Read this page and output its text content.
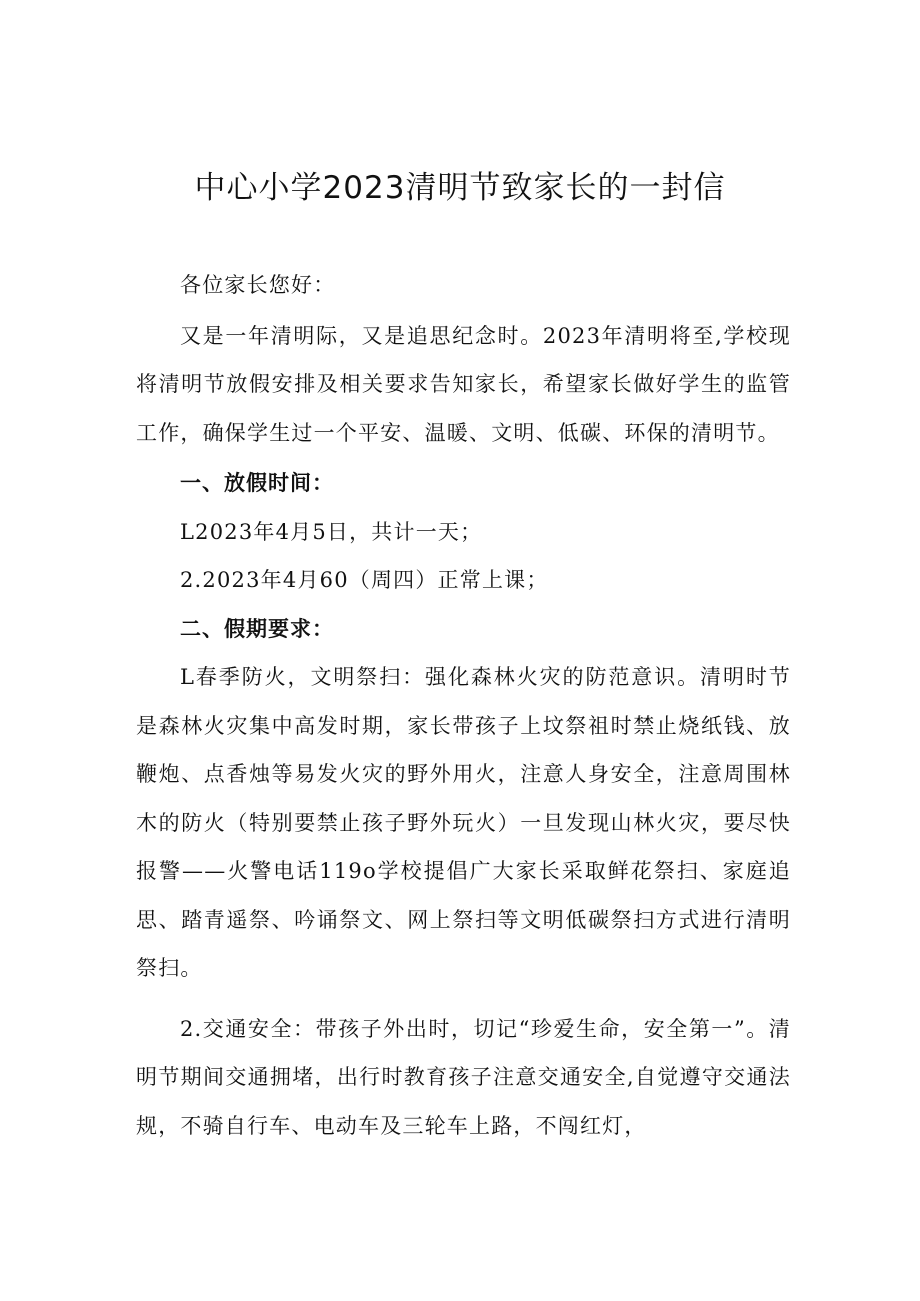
中心小学2023清明节致家长的一封信

各位家长您好：

又是一年清明际，又是追思纪念时。2023年清明将至,学校现将清明节放假安排及相关要求告知家长，希望家长做好学生的监管工作，确保学生过一个平安、温暖、文明、低碳、环保的清明节。

一、放假时间：

L2023年4月5日，共计一天；

2.2023年4月60（周四）正常上课；

二、假期要求：

L春季防火，文明祭扫：强化森林火灾的防范意识。清明时节是森林火灾集中高发时期，家长带孩子上坟祭祖时禁止烧纸钱、放鞭炮、点香烛等易发火灾的野外用火，注意人身安全，注意周围林木的防火（特别要禁止孩子野外玩火）一旦发现山林火灾，要尽快报警——火警电话119o学校提倡广大家长采取鲜花祭扫、家庭追思、踏青遥祭、吟诵祭文、网上祭扫等文明低碳祭扫方式进行清明祭扫。

2.交通安全：带孩子外出时，切记“珍爱生命，安全第一”。清明节期间交通拥堵，出行时教育孩子注意交通安全,自觉遵守交通法规，不骑自行车、电动车及三轮车上路，不闯红灯，
